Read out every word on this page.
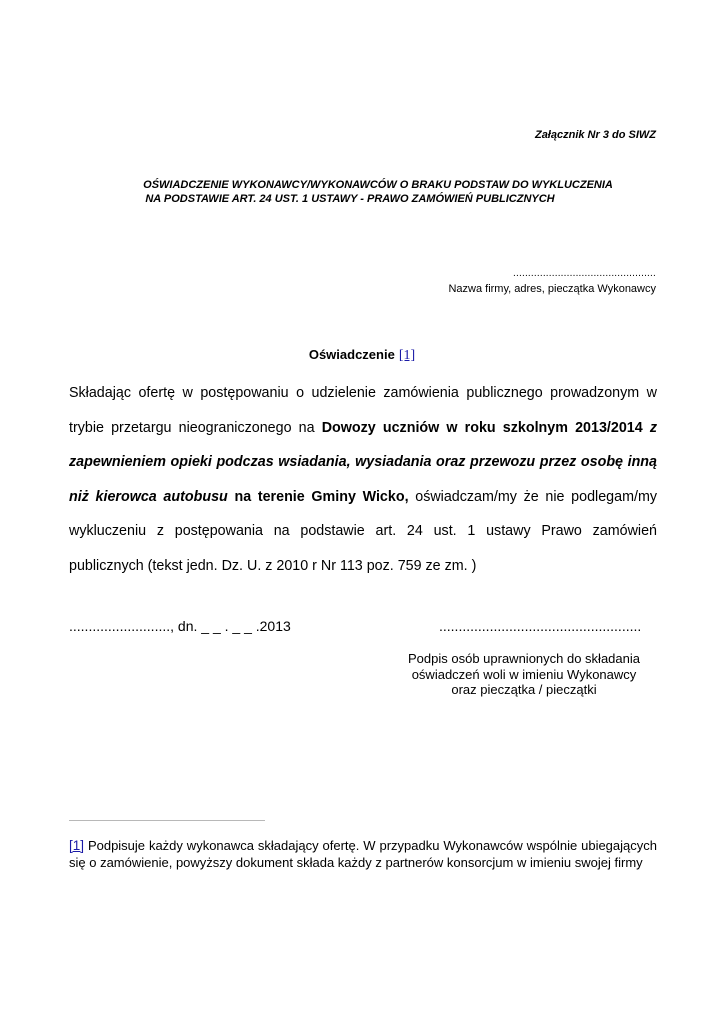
Załącznik Nr 3 do SIWZ
OŚWIADCZENIE WYKONAWCY/WYKONAWCÓW O BRAKU PODSTAW DO WYKLUCZENIA
NA PODSTAWIE ART. 24 UST. 1 USTAWY - PRAWO ZAMÓWIEŃ PUBLICZNYCH
................................................
Nazwa firmy, adres, pieczątka Wykonawcy
Oświadczenie [1]
Składając ofertę w postępowaniu o udzielenie zamówienia publicznego prowadzonym w trybie przetargu nieograniczonego na Dowozy uczniów w roku szkolnym 2013/2014 z zapewnieniem opieki podczas wsiadania, wysiadania oraz przewozu przez osobę inną niż kierowca autobusu na terenie Gminy Wicko, oświadczam/my że nie podlegam/my wykluczeniu z postępowania na podstawie art. 24 ust. 1 ustawy Prawo zamówień publicznych (tekst jedn. Dz. U. z 2010 r Nr 113 poz. 759 ze zm. )
.........................., dn. _ _ . _ _ .2013	....................................................
Podpis osób uprawnionych do składania
oświadczeń woli w imieniu Wykonawcy
oraz pieczątka / pieczątki
[1] Podpisuje każdy wykonawca składający ofertę. W przypadku Wykonawców wspólnie ubiegających się o zamówienie, powyższy dokument składa każdy z partnerów konsorcjum w imieniu swojej firmy
